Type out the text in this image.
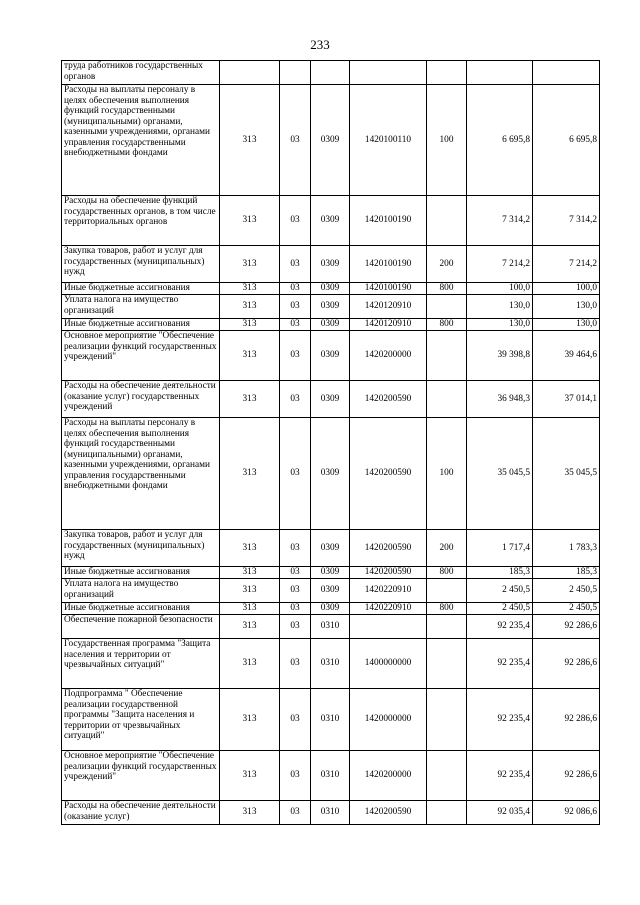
233
труда работников государственных органов							
Расходы на выплаты персоналу в целях обеспечения выполнения функций государственными (муниципальными) органами, казенными учреждениями, органами управления государственными внебюджетными фондами	313	03	0309	1420100110	100	6 695,8	6 695,8
Расходы на обеспечение функций государственных органов, в том числе территориальных органов	313	03	0309	1420100190		7 314,2	7 314,2
Закупка товаров, работ и услуг для государственных (муниципальных) нужд	313	03	0309	1420100190	200	7 214,2	7 214,2
Иные бюджетные ассигнования	313	03	0309	1420100190	800	100,0	100,0
Уплата налога на имущество организаций	313	03	0309	1420120910		130,0	130,0
Иные бюджетные ассигнования	313	03	0309	1420120910	800	130,0	130,0
Основное мероприятие "Обеспечение реализации функций государственных учреждений"	313	03	0309	1420200000		39 398,8	39 464,6
Расходы на обеспечение деятельности (оказание услуг) государственных учреждений	313	03	0309	1420200590		36 948,3	37 014,1
Расходы на выплаты персоналу в целях обеспечения выполнения функций государственными (муниципальными) органами, казенными учреждениями, органами управления государственными внебюджетными фондами	313	03	0309	1420200590	100	35 045,5	35 045,5
Закупка товаров, работ и услуг для государственных (муниципальных) нужд	313	03	0309	1420200590	200	1 717,4	1 783,3
Иные бюджетные ассигнования	313	03	0309	1420200590	800	185,3	185,3
Уплата налога на имущество организаций	313	03	0309	1420220910		2 450,5	2 450,5
Иные бюджетные ассигнования	313	03	0309	1420220910	800	2 450,5	2 450,5
Обеспечение пожарной безопасности	313	03	0310			92 235,4	92 286,6
Государственная программа "Защита населения и территории от чрезвычайных ситуаций"	313	03	0310	1400000000		92 235,4	92 286,6
Подпрограмма " Обеспечение реализации государственной программы "Защита населения и территории от чрезвычайных ситуаций"	313	03	0310	1420000000		92 235,4	92 286,6
Основное мероприятие "Обеспечение реализации функций государственных учреждений"	313	03	0310	1420200000		92 235,4	92 286,6
Расходы на обеспечение деятельности (оказание услуг)	313	03	0310	1420200590		92 035,4	92 086,6
